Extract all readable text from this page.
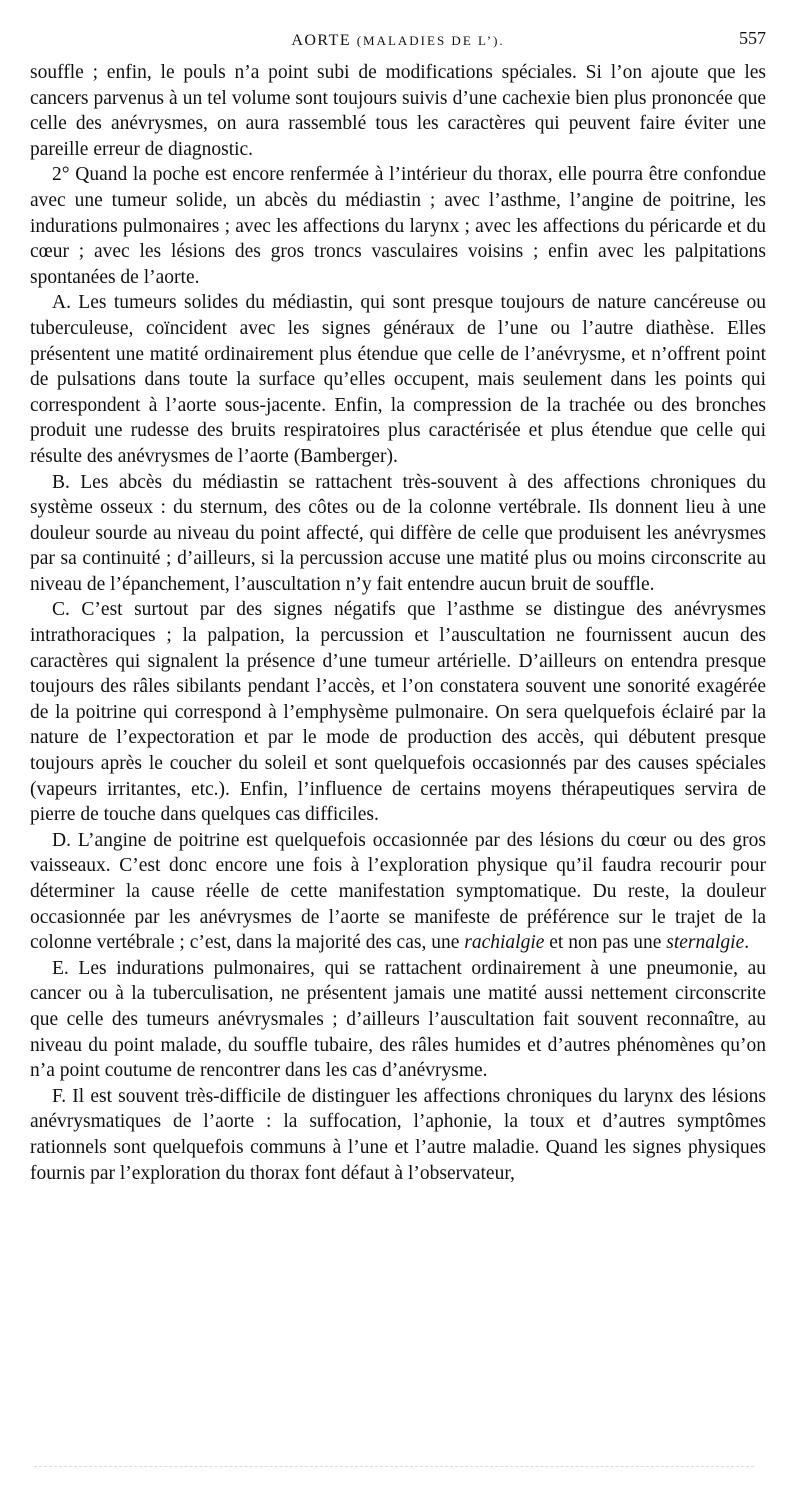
AORTE (MALADIES DE L’).	557

souffle ; enfin, le pouls n’a point subi de modifications spéciales. Si l’on ajoute que les cancers parvenus à un tel volume sont toujours suivis d’une cachexie bien plus prononcée que celle des anévrysmes, on aura rassemblé tous les caractères qui peuvent faire éviter une pareille erreur de diagnostic.

2° Quand la poche est encore renfermée à l’intérieur du thorax, elle pourra être confondue avec une tumeur solide, un abcès du médiastin ; avec l’asthme, l’angine de poitrine, les indurations pulmonaires ; avec les affections du larynx ; avec les affections du péricarde et du cœur ; avec les lésions des gros troncs vasculaires voisins ; enfin avec les palpitations spontanées de l’aorte.

A. Les tumeurs solides du médiastin, qui sont presque toujours de nature cancéreuse ou tuberculeuse, coïncident avec les signes généraux de l’une ou l’autre diathèse. Elles présentent une matité ordinairement plus étendue que celle de l’anévrysme, et n’offrent point de pulsations dans toute la surface qu’elles occupent, mais seulement dans les points qui correspondent à l’aorte sous-jacente. Enfin, la compression de la trachée ou des bronches produit une rudesse des bruits respiratoires plus caractérisée et plus étendue que celle qui résulte des anévrysmes de l’aorte (Bamberger).

B. Les abcès du médiastin se rattachent très-souvent à des affections chroniques du système osseux : du sternum, des côtes ou de la colonne vertébrale. Ils donnent lieu à une douleur sourde au niveau du point affecté, qui diffère de celle que produisent les anévrysmes par sa continuité ; d’ailleurs, si la percussion accuse une matité plus ou moins circonscrite au niveau de l’épanchement, l’auscultation n’y fait entendre aucun bruit de souffle.

C. C’est surtout par des signes négatifs que l’asthme se distingue des anévrysmes intrathoraciques ; la palpation, la percussion et l’auscultation ne fournissent aucun des caractères qui signalent la présence d’une tumeur artérielle. D’ailleurs on entendra presque toujours des râles sibilants pendant l’accès, et l’on constatera souvent une sonorité exagérée de la poitrine qui correspond à l’emphysème pulmonaire. On sera quelquefois éclairé par la nature de l’expectoration et par le mode de production des accès, qui débutent presque toujours après le coucher du soleil et sont quelquefois occasionnés par des causes spéciales (vapeurs irritantes, etc.). Enfin, l’influence de certains moyens thérapeutiques servira de pierre de touche dans quelques cas difficiles.

D. L’angine de poitrine est quelquefois occasionnée par des lésions du cœur ou des gros vaisseaux. C’est donc encore une fois à l’exploration physique qu’il faudra recourir pour déterminer la cause réelle de cette manifestation symptomatique. Du reste, la douleur occasionnée par les anévrysmes de l’aorte se manifeste de préférence sur le trajet de la colonne vertébrale ; c’est, dans la majorité des cas, une rachialgie et non pas une sternalgie.

E. Les indurations pulmonaires, qui se rattachent ordinairement à une pneumonie, au cancer ou à la tuberculisation, ne présentent jamais une matité aussi nettement circonscrite que celle des tumeurs anévrysmales ; d’ailleurs l’auscultation fait souvent reconnaître, au niveau du point malade, du souffle tubaire, des râles humides et d’autres phénomènes qu’on n’a point coutume de rencontrer dans les cas d’anévrysme.

F. Il est souvent très-difficile de distinguer les affections chroniques du larynx des lésions anévrysmatiques de l’aorte : la suffocation, l’aphonie, la toux et d’autres symptômes rationnels sont quelquefois communs à l’une et l’autre maladie. Quand les signes physiques fournis par l’exploration du thorax font défaut à l’observateur,
